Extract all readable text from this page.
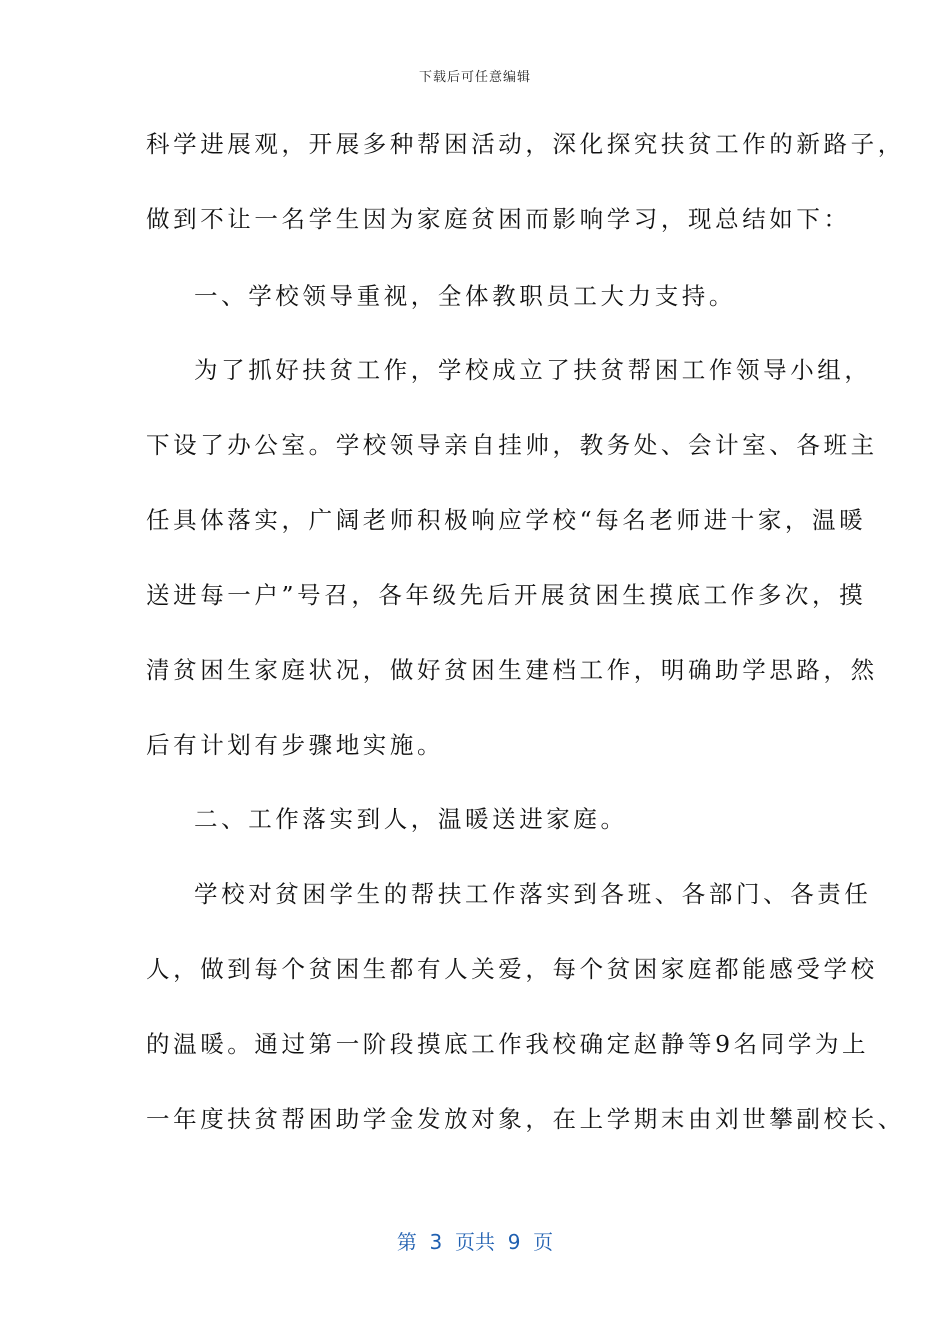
下载后可任意编辑
科学进展观，开展多种帮困活动，深化探究扶贫工作的新路子，
做到不让一名学生因为家庭贫困而影响学习，现总结如下：
一、学校领导重视，全体教职员工大力支持。
为了抓好扶贫工作，学校成立了扶贫帮困工作领导小组，
下设了办公室。学校领导亲自挂帅，教务处、会计室、各班主
任具体落实，广阔老师积极响应学校“每名老师进十家，温暖
送进每一户”号召，各年级先后开展贫困生摸底工作多次，摸
清贫困生家庭状况，做好贫困生建档工作，明确助学思路，然
后有计划有步骤地实施。
二、工作落实到人，温暖送进家庭。
学校对贫困学生的帮扶工作落实到各班、各部门、各责任
人，做到每个贫困生都有人关爱，每个贫困家庭都能感受学校
的温暖。通过第一阶段摸底工作我校确定赵静等9名同学为上
一年度扶贫帮困助学金发放对象，在上学期末由刘世攀副校长、
第  3  页共  9  页
